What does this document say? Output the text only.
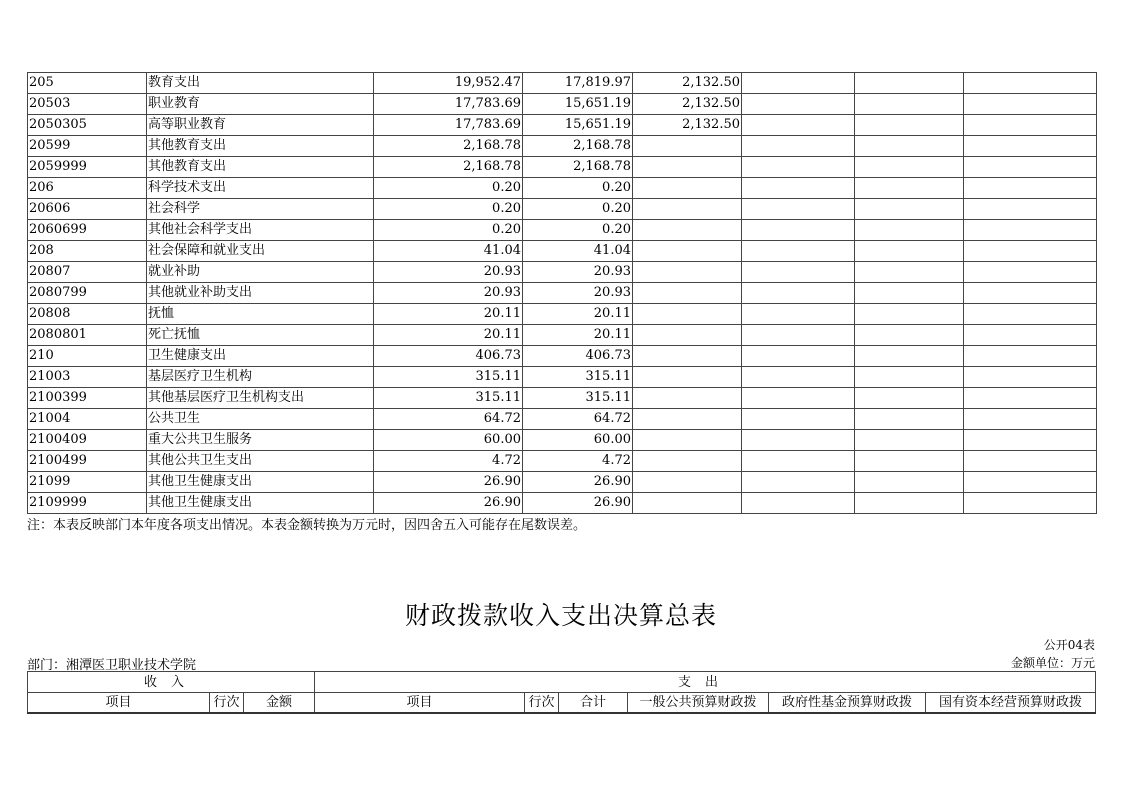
205	教育支出	19,952.47	17,819.97	2,132.50			
20503	职业教育	17,783.69	15,651.19	2,132.50			
2050305	高等职业教育	17,783.69	15,651.19	2,132.50			
20599	其他教育支出	2,168.78	2,168.78				
2059999	其他教育支出	2,168.78	2,168.78				
206	科学技术支出	0.20	0.20				
20606	社会科学	0.20	0.20				
2060699	其他社会科学支出	0.20	0.20				
208	社会保障和就业支出	41.04	41.04				
20807	就业补助	20.93	20.93				
2080799	其他就业补助支出	20.93	20.93				
20808	抚恤	20.11	20.11				
2080801	死亡抚恤	20.11	20.11				
210	卫生健康支出	406.73	406.73				
21003	基层医疗卫生机构	315.11	315.11				
2100399	其他基层医疗卫生机构支出	315.11	315.11				
21004	公共卫生	64.72	64.72				
2100409	重大公共卫生服务	60.00	60.00				
2100499	其他公共卫生支出	4.72	4.72				
21099	其他卫生健康支出	26.90	26.90				
2109999	其他卫生健康支出	26.90	26.90				
注：本表反映部门本年度各项支出情况。本表金额转换为万元时，因四舍五入可能存在尾数误差。
财政拨款收入支出决算总表
公开04表
部门：湘潭医卫职业技术学院	金额单位：万元
收入			支出					
项目	行次	金额	项目	行次	合计	一般公共预算财政拨	政府性基金预算财政拨	国有资本经营预算财政拨
